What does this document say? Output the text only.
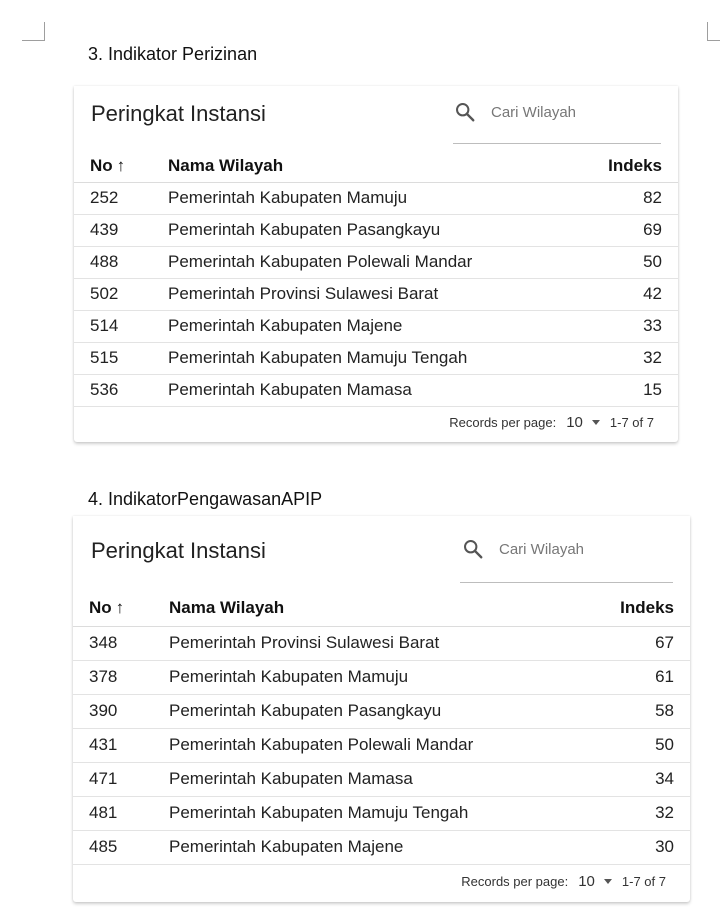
3. Indikator Perizinan
Peringkat Instansi
Cari Wilayah
No ↑	Nama Wilayah	Indeks
252	Pemerintah Kabupaten Mamuju	82
439	Pemerintah Kabupaten Pasangkayu	69
488	Pemerintah Kabupaten Polewali Mandar	50
502	Pemerintah Provinsi Sulawesi Barat	42
514	Pemerintah Kabupaten Majene	33
515	Pemerintah Kabupaten Mamuju Tengah	32
536	Pemerintah Kabupaten Mamasa	15
Records per page: 10 1-7 of 7
4. IndikatorPengawasanAPIP
Peringkat Instansi
Cari Wilayah
No ↑	Nama Wilayah	Indeks
348	Pemerintah Provinsi Sulawesi Barat	67
378	Pemerintah Kabupaten Mamuju	61
390	Pemerintah Kabupaten Pasangkayu	58
431	Pemerintah Kabupaten Polewali Mandar	50
471	Pemerintah Kabupaten Mamasa	34
481	Pemerintah Kabupaten Mamuju Tengah	32
485	Pemerintah Kabupaten Majene	30
Records per page: 10 1-7 of 7
